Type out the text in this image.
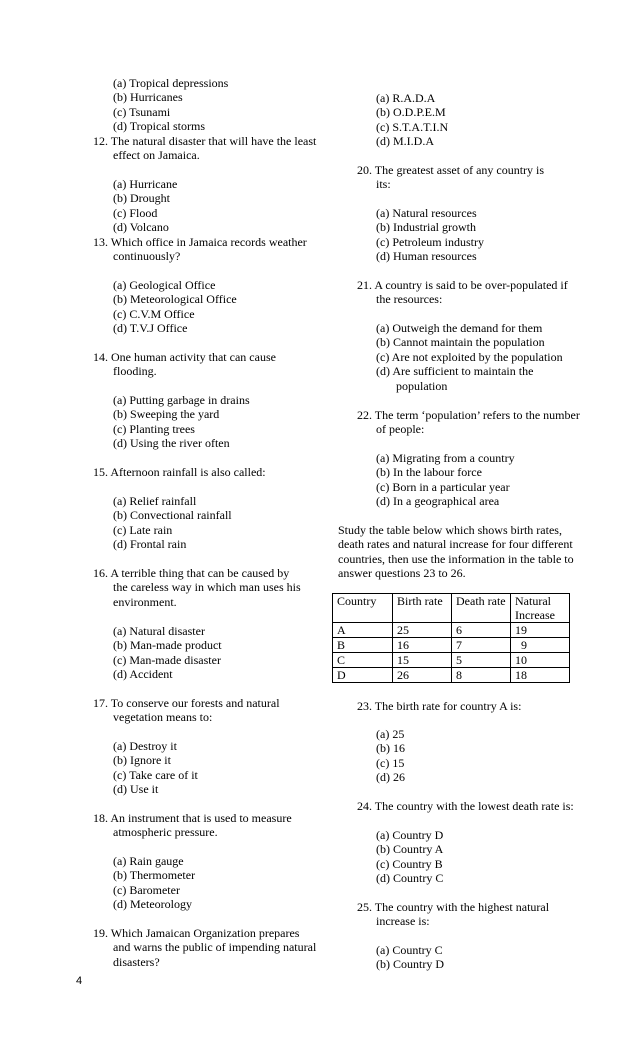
Country	Birth rate	Death rate	Natural
Increase
A	25	6	19
B	16	7	9
C	15	5	10
D	26	8	18
4
(a) Tropical depressions
(b) Hurricanes
(c) Tsunami
(d) Tropical storms
12. The natural disaster that will have the least
effect on Jamaica.
(a) Hurricane
(b) Drought
(c) Flood
(d) Volcano
13. Which office in Jamaica records weather
continuously?
(a) Geological Office
(b) Meteorological Office
(c) C.V.M Office
(d) T.V.J Office
14. One human activity that can cause
flooding.
(a) Putting garbage in drains
(b) Sweeping the yard
(c) Planting trees
(d) Using the river often
15. Afternoon rainfall is also called:
(a) Relief rainfall
(b) Convectional rainfall
(c) Late rain
(d) Frontal rain
16. A terrible thing that can be caused by
the careless way in which man uses his
environment.
(a) Natural disaster
(b) Man-made product
(c) Man-made disaster
(d) Accident
17. To conserve our forests and natural
vegetation means to:
(a) Destroy it
(b) Ignore it
(c) Take care of it
(d) Use it
18. An instrument that is used to measure
atmospheric pressure.
(a) Rain gauge
(b) Thermometer
(c) Barometer
(d) Meteorology
19. Which Jamaican Organization prepares
and warns the public of impending natural
disasters?
(a) R.A.D.A
(b) O.D.P.E.M
(c) S.T.A.T.I.N
(d) M.I.D.A
20. The greatest asset of any country is
its:
(a) Natural resources
(b) Industrial growth
(c) Petroleum industry
(d) Human resources
21. A country is said to be over-populated if
the resources:
(a) Outweigh the demand for them
(b) Cannot maintain the population
(c) Are not exploited by the population
(d) Are sufficient to maintain the
population
22. The term ‘population’ refers to the number
of people:
(a) Migrating from a country
(b) In the labour force
(c) Born in a particular year
(d) In a geographical area
Study the table below which shows birth rates,
death rates and natural increase for four different
countries, then use the information in the table to
answer questions 23 to 26.
23. The birth rate for country A is:
(a) 25
(b) 16
(c) 15
(d) 26
24. The country with the lowest death rate is:
(a) Country D
(b) Country A
(c) Country B
(d) Country C
25. The country with the highest natural
increase is:
(a) Country C
(b) Country D
